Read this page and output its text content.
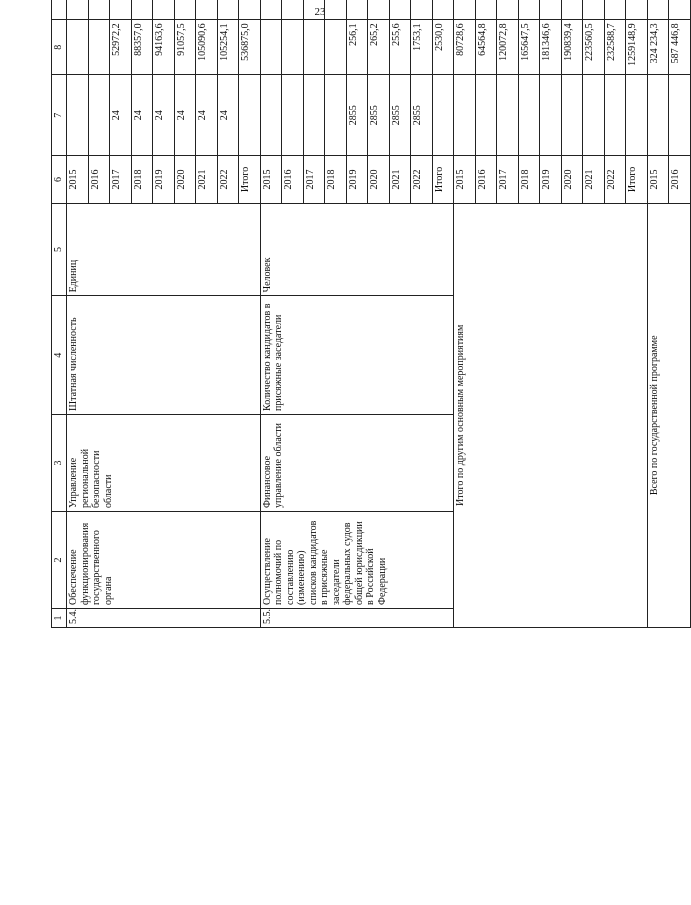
23
1	2	3	4	5	6	7	8			
5.4.	Обеспечение функционирования государственного органа	Управление региональной безопасности области	Штатная численность	Единиц	2015						
					2016						
					2017	24	52972,2				
					2018	24	88357,0				
					2019	24	94163,6				
					2020	24	91057,5				
					2021	24	105090,6				
					2022	24	105254,1				
					Итого		536875,0				
5.5.	Осуществление полномочий по составлению (изменению) списков кандидатов в присяжные заседатели федеральных судов общей юрисдикции в Российской Федерации	Финансовое управление области	Количество кандидатов в присяжные заседатели	Человек	2015						
					2016						
					2017						
					2018						
					2019	2855	256,1				
					2020	2855	265,2				
					2021	2855	255,6				
					2022	2855	1753,1				
					Итого		2530,0				
Итого по другим основным мероприятиям					2015		80728,6				
					2016		64564,8				
					2017		120072,8				
					2018		165647,5				
					2019		181346,6				
					2020		190839,4				
					2021		223560,5				
					2022		232588,7				
					Итого		1259148,9				
Всего по государственной программе					2015		324 234,3				
					2016		587 446,8				
